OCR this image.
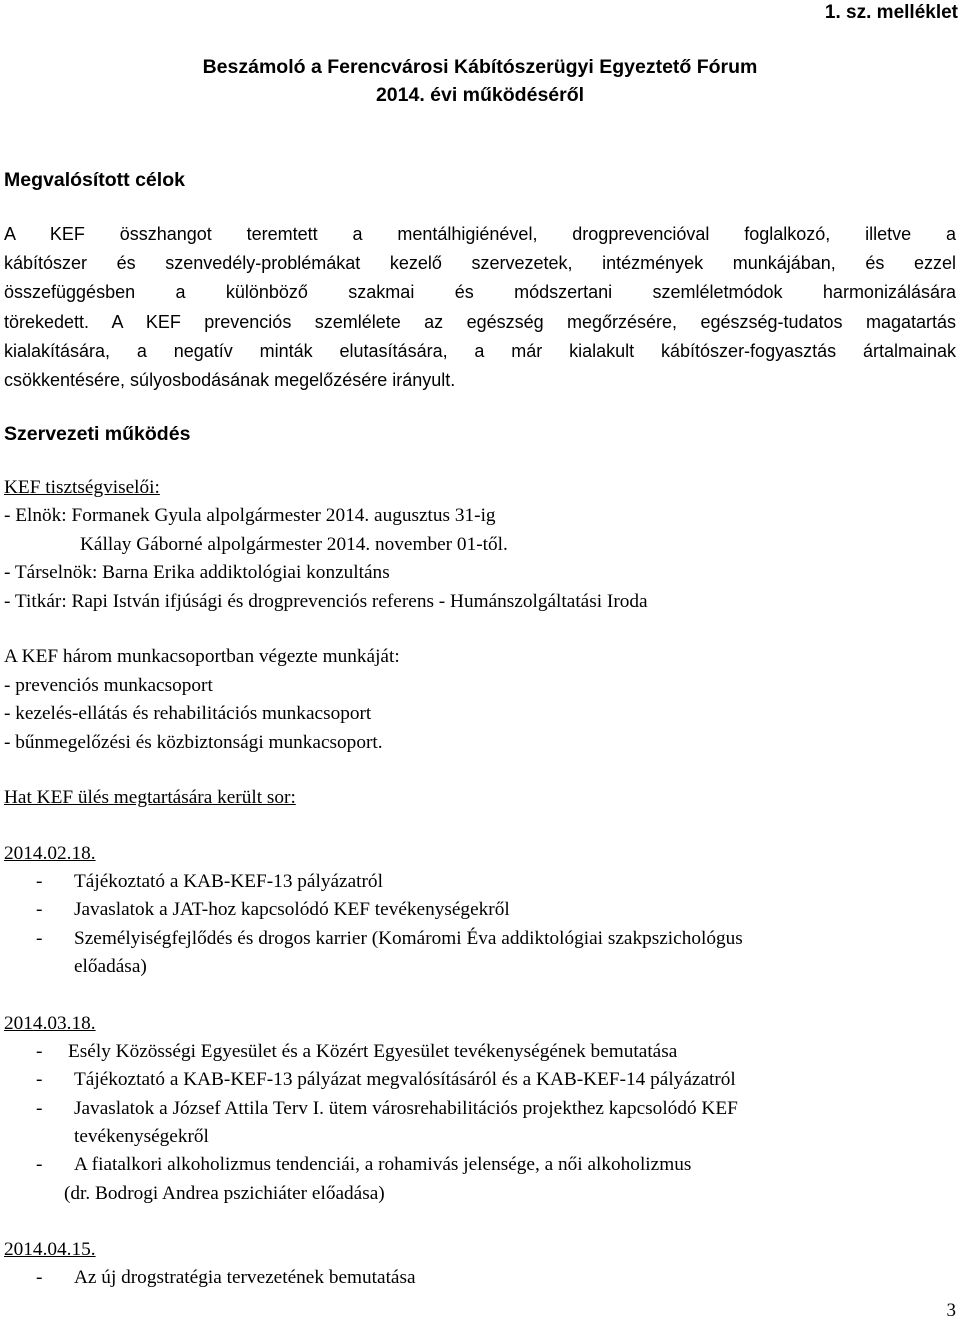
1. sz. melléklet
Beszámoló a Ferencvárosi Kábítószerügyi Egyeztető Fórum
2014. évi működéséről
Megvalósított célok
A KEF összhangot teremtett a mentálhigiénével, drogprevencióval foglalkozó, illetve a
kábítószer és szenvedély-problémákat kezelő szervezetek, intézmények munkájában, és ezzel
összefüggésben a különböző szakmai és módszertani szemléletmódok harmonizálására
törekedett. A KEF prevenciós szemlélete az egészség megőrzésére, egészség-tudatos magatartás
kialakítására, a negatív minták elutasítására, a már kialakult kábítószer-fogyasztás ártalmainak
csökkentésére, súlyosbodásának megelőzésére irányult.
Szervezeti működés
KEF tisztségviselői:
- Elnök: Formanek Gyula alpolgármester 2014. augusztus 31-ig
Kállay Gáborné alpolgármester 2014. november 01-től.
- Társelnök: Barna Erika addiktológiai konzultáns
- Titkár: Rapi István ifjúsági és drogprevenciós referens - Humánszolgáltatási Iroda
A KEF három munkacsoportban végezte munkáját:
- prevenciós munkacsoport
- kezelés-ellátás és rehabilitációs munkacsoport
- bűnmegelőzési és közbiztonsági munkacsoport.
Hat KEF ülés megtartására került sor:
2014.02.18.
- Tájékoztató a KAB-KEF-13 pályázatról
- Javaslatok a JAT-hoz kapcsolódó KEF tevékenységekről
- Személyiségfejlődés és drogos karrier (Komáromi Éva addiktológiai szakpszichológus
előadása)
2014.03.18.
- Esély Közösségi Egyesület és a Közért Egyesület tevékenységének bemutatása
- Tájékoztató a KAB-KEF-13 pályázat megvalósításáról és a KAB-KEF-14 pályázatról
- Javaslatok a József Attila Terv I. ütem városrehabilitációs projekthez kapcsolódó KEF
tevékenységekről
- A fiatalkori alkoholizmus tendenciái, a rohamivás jelensége, a női alkoholizmus
(dr. Bodrogi Andrea pszichiáter előadása)
2014.04.15.
- Az új drogstratégia tervezetének bemutatása
3
